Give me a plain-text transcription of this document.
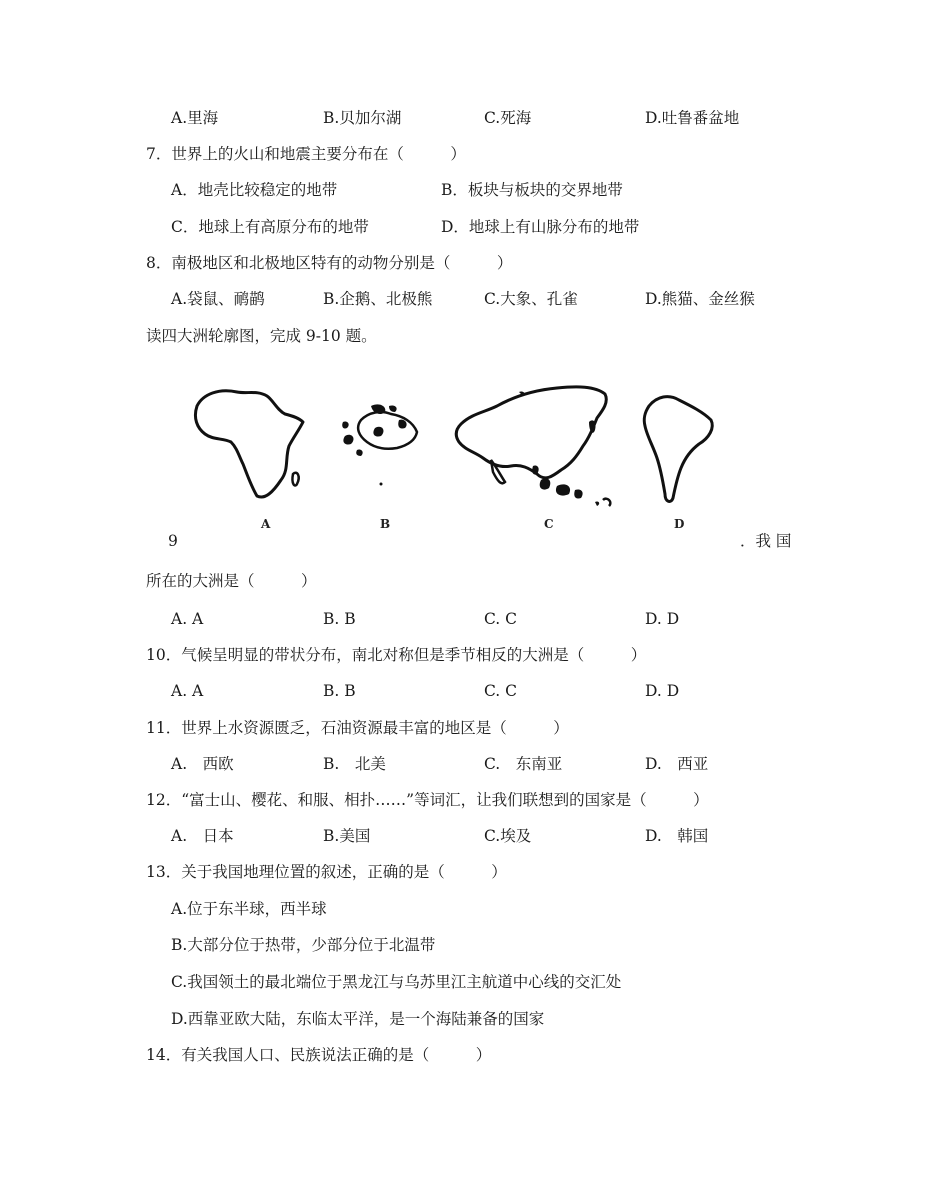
A.里海	B.贝加尔湖	C.死海	D.吐鲁番盆地
7．世界上的火山和地震主要分布在（　　　）
A．地壳比较稳定的地带	B．板块与板块的交界地带
C．地球上有高原分布的地带	D．地球上有山脉分布的地带
8．南极地区和北极地区特有的动物分别是（　　　）
A.袋鼠、鸸鹋	B.企鹅、北极熊	C.大象、孔雀	D.熊猫、金丝猴
读四大洲轮廓图，完成 9-10 题。
A	B	C	D
9	．我 国
所在的大洲是（　　　）
A. A	B. B	C. C	D. D
10．气候呈明显的带状分布，南北对称但是季节相反的大洲是（　　　）
A. A	B. B	C. C	D. D
11．世界上水资源匮乏，石油资源最丰富的地区是（　　　）
A.　西欧	B.　北美	C.　东南亚	D.　西亚
12．“富士山、樱花、和服、相扑……”等词汇，让我们联想到的国家是（　　　）
A.　日本	B.美国	C.埃及	D.　韩国
13．关于我国地理位置的叙述，正确的是（　　　）
A.位于东半球，西半球
B.大部分位于热带，少部分位于北温带
C.我国领土的最北端位于黑龙江与乌苏里江主航道中心线的交汇处
D.西靠亚欧大陆，东临太平洋，是一个海陆兼备的国家
14．有关我国人口、民族说法正确的是（　　　）
